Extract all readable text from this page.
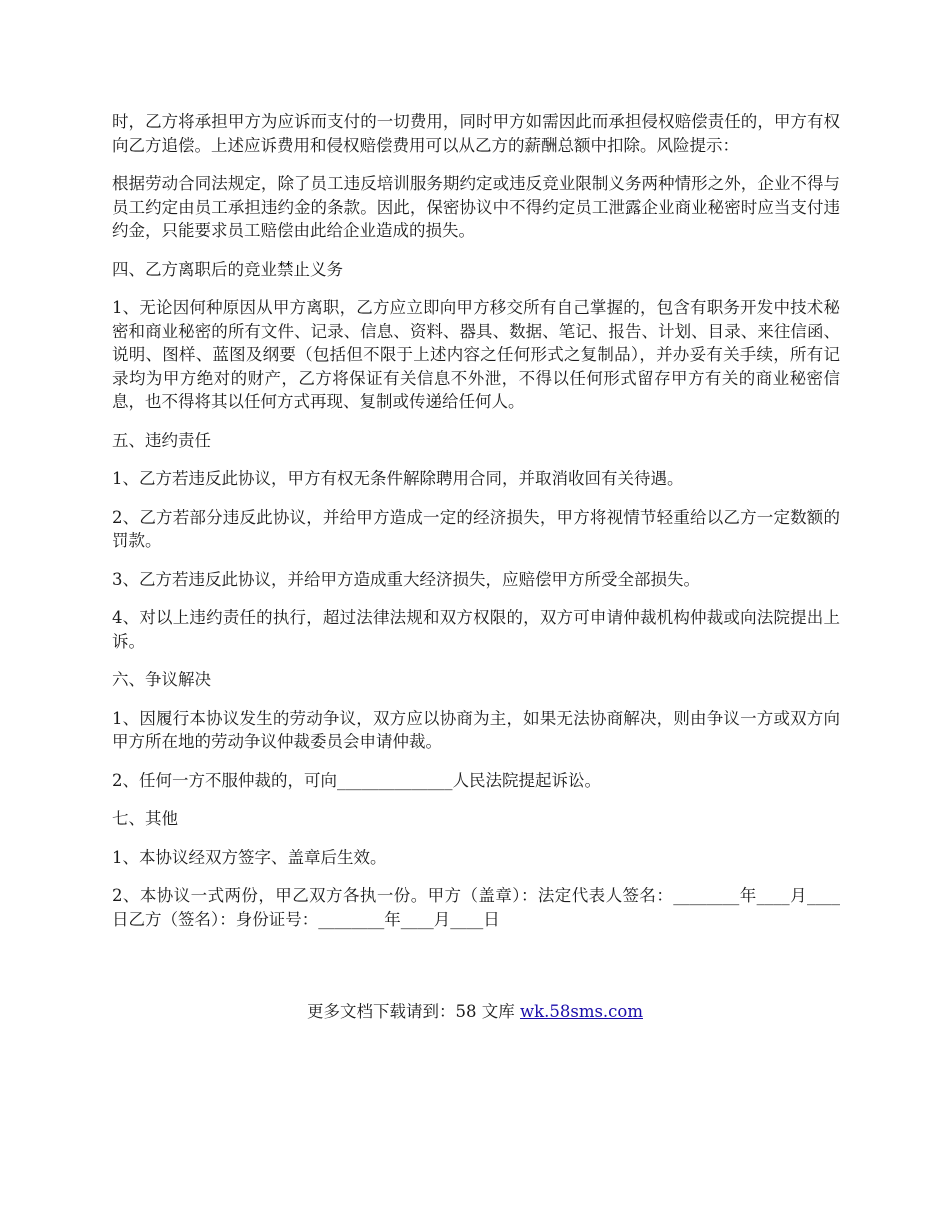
时，乙方将承担甲方为应诉而支付的一切费用，同时甲方如需因此而承担侵权赔偿责任的，甲方有权向乙方追偿。上述应诉费用和侵权赔偿费用可以从乙方的薪酬总额中扣除。风险提示：

根据劳动合同法规定，除了员工违反培训服务期约定或违反竞业限制义务两种情形之外，企业不得与员工约定由员工承担违约金的条款。因此，保密协议中不得约定员工泄露企业商业秘密时应当支付违约金，只能要求员工赔偿由此给企业造成的损失。

四、乙方离职后的竞业禁止义务

1、无论因何种原因从甲方离职，乙方应立即向甲方移交所有自己掌握的，包含有职务开发中技术秘密和商业秘密的所有文件、记录、信息、资料、器具、数据、笔记、报告、计划、目录、来往信函、说明、图样、蓝图及纲要（包括但不限于上述内容之任何形式之复制品），并办妥有关手续，所有记录均为甲方绝对的财产，乙方将保证有关信息不外泄，不得以任何形式留存甲方有关的商业秘密信息，也不得将其以任何方式再现、复制或传递给任何人。

五、违约责任

1、乙方若违反此协议，甲方有权无条件解除聘用合同，并取消收回有关待遇。

2、乙方若部分违反此协议，并给甲方造成一定的经济损失，甲方将视情节轻重给以乙方一定数额的罚款。

3、乙方若违反此协议，并给甲方造成重大经济损失，应赔偿甲方所受全部损失。

4、对以上违约责任的执行，超过法律法规和双方权限的，双方可申请仲裁机构仲裁或向法院提出上诉。

六、争议解决

1、因履行本协议发生的劳动争议，双方应以协商为主，如果无法协商解决，则由争议一方或双方向甲方所在地的劳动争议仲裁委员会申请仲裁。

2、任何一方不服仲裁的，可向______________人民法院提起诉讼。

七、其他

1、本协议经双方签字、盖章后生效。

2、本协议一式两份，甲乙双方各执一份。甲方（盖章）：法定代表人签名：________年____月____日乙方（签名）：身份证号：________年____月____日

更多文档下载请到：58 文库 wk.58sms.com
